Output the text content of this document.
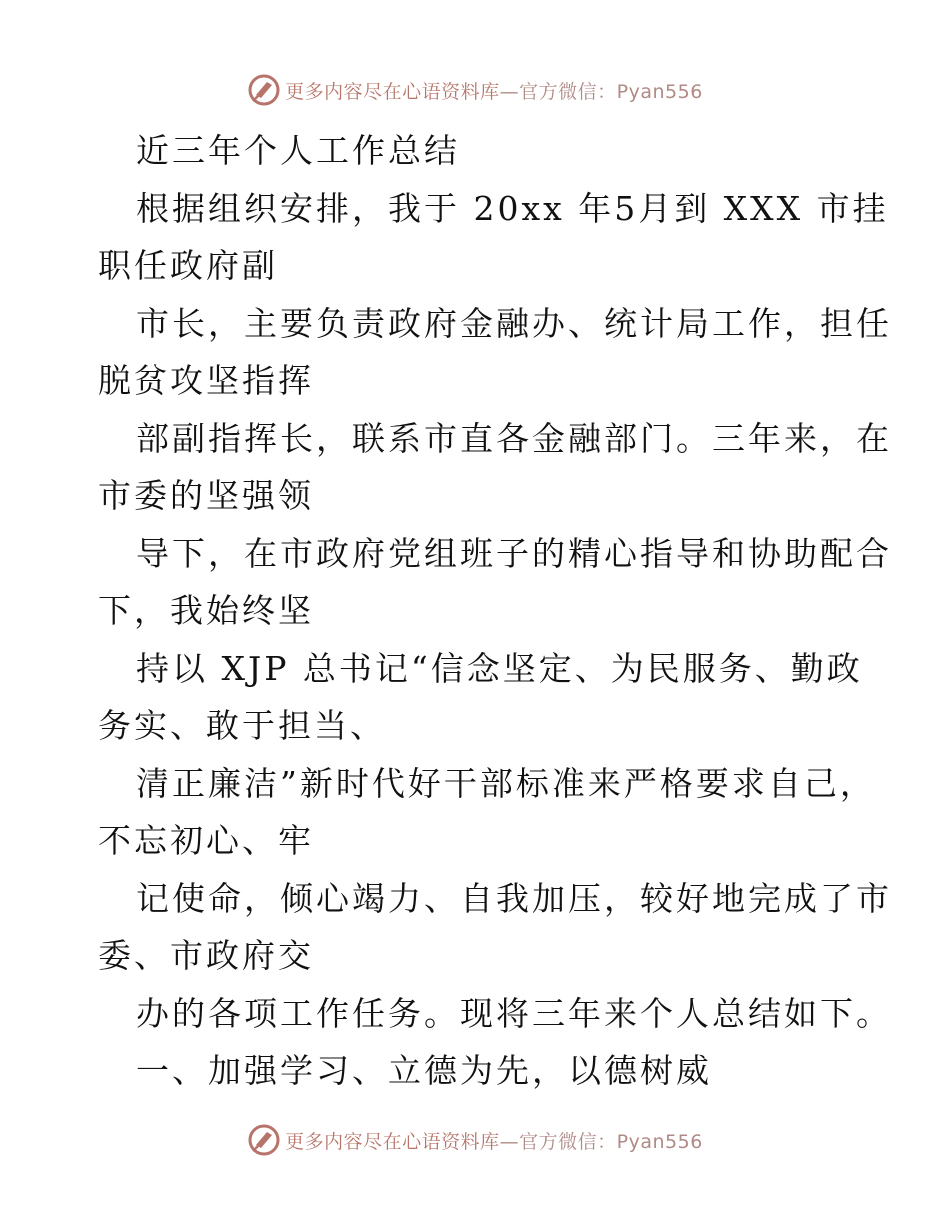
更多内容尽在心语资料库—官方微信：Pyan556
近三年个人工作总结
根据组织安排，我于 20xx 年5月到 XXX 市挂
职任政府副
市长，主要负责政府金融办、统计局工作，担任
脱贫攻坚指挥
部副指挥长，联系市直各金融部门。三年来，在
市委的坚强领
导下，在市政府党组班子的精心指导和协助配合
下，我始终坚
持以 XJP 总书记“信念坚定、为民服务、勤政
务实、敢于担当、
清正廉洁”新时代好干部标准来严格要求自己，
不忘初心、牢
记使命，倾心竭力、自我加压，较好地完成了市
委、市政府交
办的各项工作任务。现将三年来个人总结如下。
一、加强学习、立德为先，以德树威
更多内容尽在心语资料库—官方微信：Pyan556
